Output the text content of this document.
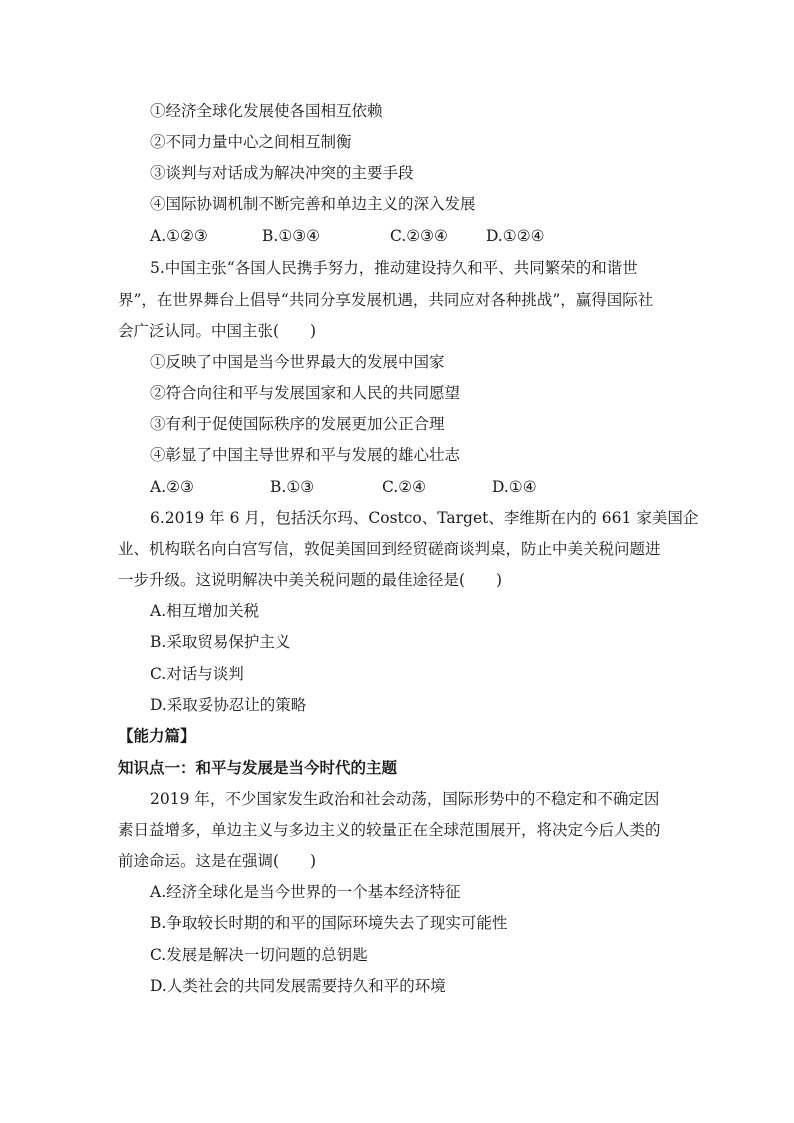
①经济全球化发展使各国相互依赖
②不同力量中心之间相互制衡
③谈判与对话成为解决冲突的主要手段
④国际协调机制不断完善和单边主义的深入发展
A.①②③	B.①③④	C.②③④ D.①②④
5.中国主张“各国人民携手努力，推动建设持久和平、共同繁荣的和谐世
界”，在世界舞台上倡导“共同分享发展机遇，共同应对各种挑战”，赢得国际社
会广泛认同。中国主张(　　)
①反映了中国是当今世界最大的发展中国家
②符合向往和平与发展国家和人民的共同愿望
③有利于促使国际秩序的发展更加公正合理
④彰显了中国主导世界和平与发展的雄心壮志
A.②③	B.①③	C.②④	D.①④
6.2019 年 6 月，包括沃尔玛、Costco、Target、李维斯在内的 661 家美国企
业、机构联名向白宫写信，敦促美国回到经贸磋商谈判桌，防止中美关税问题进
一步升级。这说明解决中美关税问题的最佳途径是(　　)
A.相互增加关税
B.采取贸易保护主义
C.对话与谈判
D.采取妥协忍让的策略
【能力篇】
知识点一：和平与发展是当今时代的主题
2019 年，不少国家发生政治和社会动荡，国际形势中的不稳定和不确定因
素日益增多，单边主义与多边主义的较量正在全球范围展开，将决定今后人类的
前途命运。这是在强调(　　)
A.经济全球化是当今世界的一个基本经济特征
B.争取较长时期的和平的国际环境失去了现实可能性
C.发展是解决一切问题的总钥匙
D.人类社会的共同发展需要持久和平的环境
